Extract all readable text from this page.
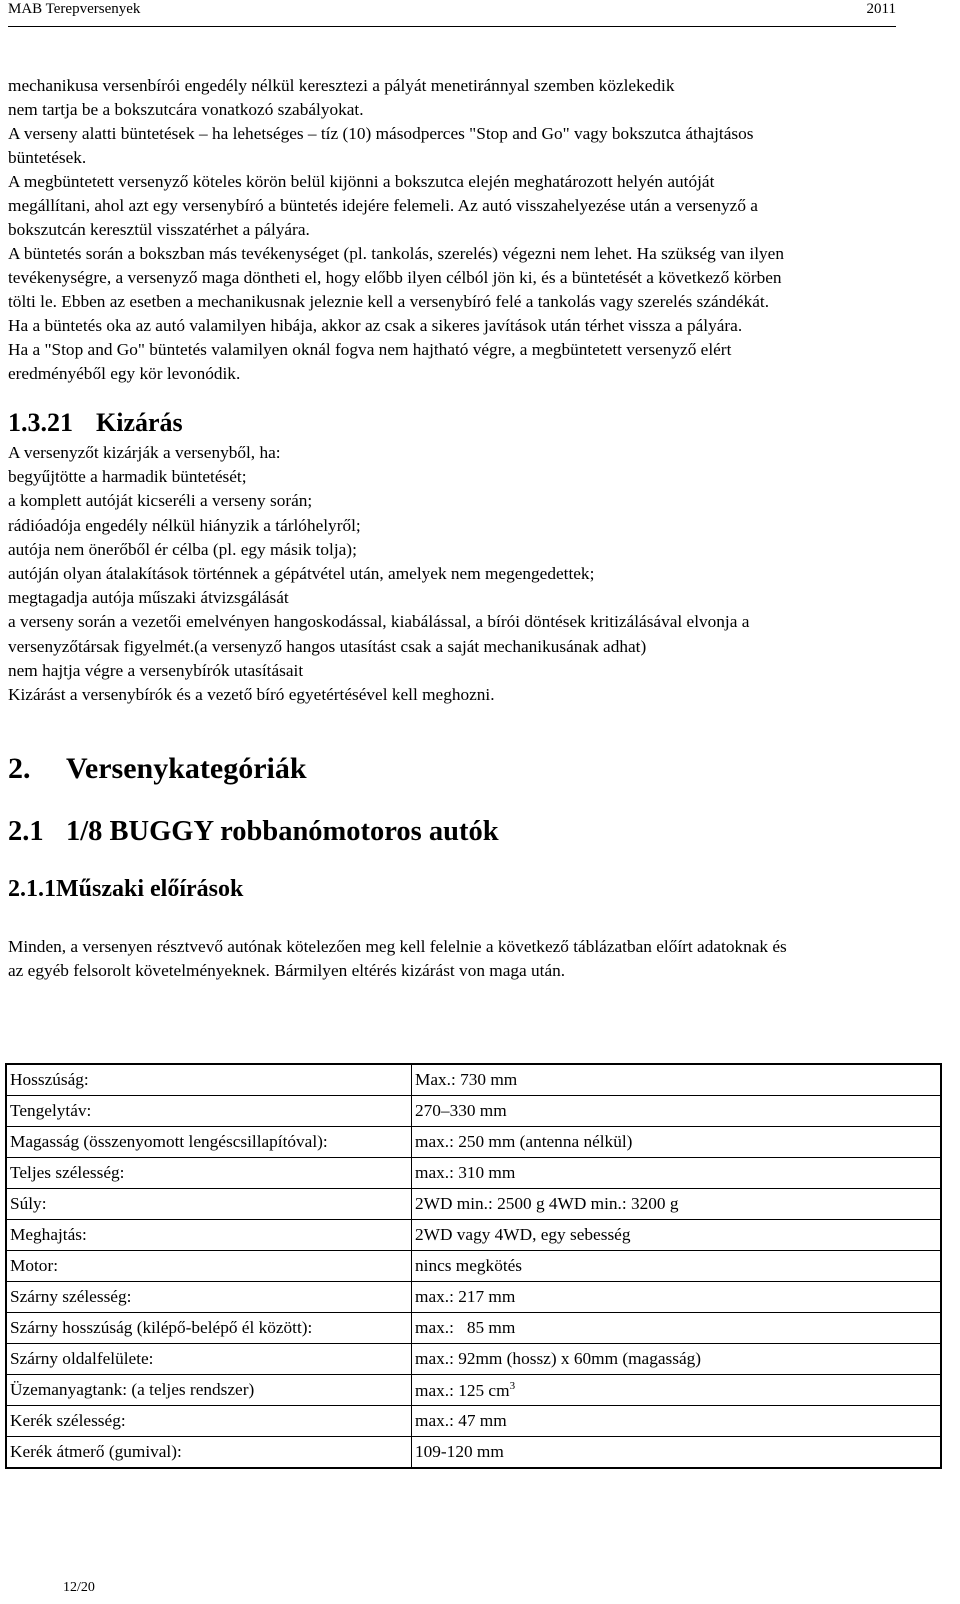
MAB Terepversenyek	2011

mechanikusa versenbírói engedély nélkül keresztezi a pályát menetiránnyal szemben közlekedik

nem tartja be a bokszutcára vonatkozó szabályokat.

A verseny alatti büntetések – ha lehetséges – tíz (10) másodperces "Stop and Go" vagy bokszutca áthajtásos

büntetések.

A megbüntetett versenyző köteles körön belül kijönni a bokszutca elején meghatározott helyén autóját

megállítani, ahol azt egy versenybíró a büntetés idejére felemeli. Az autó visszahelyezése után a versenyző a

bokszutcán keresztül visszatérhet a pályára.

A büntetés során a bokszban más tevékenységet (pl. tankolás, szerelés) végezni nem lehet. Ha szükség van ilyen

tevékenységre, a versenyző maga döntheti el, hogy előbb ilyen célból jön ki, és a büntetését a következő körben

tölti le. Ebben az esetben a mechanikusnak jeleznie kell a versenybíró felé a tankolás vagy szerelés szándékát.

Ha a büntetés oka az autó valamilyen hibája, akkor az csak a sikeres javítások után térhet vissza a pályára.

Ha a "Stop and Go" büntetés valamilyen oknál fogva nem hajtható végre, a megbüntetett versenyző elért

eredményéből egy kör levonódik.

1.3.21 Kizárás

A versenyzőt kizárják a versenyből, ha:

begyűjtötte a harmadik büntetését;

a komplett autóját kicseréli a verseny során;

rádióadója engedély nélkül hiányzik a tárlóhelyről;

autója nem önerőből ér célba (pl. egy másik tolja);

autóján olyan átalakítások történnek a gépátvétel után, amelyek nem megengedettek;

megtagadja autója műszaki átvizsgálását

a verseny során a vezetői emelvényen hangoskodással, kiabálással, a bírói döntések kritizálásával elvonja a

versenyzőtársak figyelmét.(a versenyző hangos utasítást csak a saját mechanikusának adhat)

nem hajtja végre a versenybírók utasításait

Kizárást a versenybírók és a vezető bíró egyetértésével kell meghozni.

2. Versenykategóriák
2.1 1/8 BUGGY robbanómotoros autók
2.1.1Műszaki előírások

Minden, a versenyen résztvevő autónak kötelezően meg kell felelnie a következő táblázatban előírt adatoknak és

az egyéb felsorolt követelményeknek. Bármilyen eltérés kizárást von maga után.

Hosszúság:	Max.: 730 mm
Tengelytáv:	270–330 mm
Magasság (összenyomott lengéscsillapítóval):	max.: 250 mm (antenna nélkül)
Teljes szélesség:	max.: 310 mm
Súly:	2WD min.: 2500 g 4WD min.: 3200 g
Meghajtás:	2WD vagy 4WD, egy sebesség
Motor:	nincs megkötés
Szárny szélesség:	max.: 217 mm
Szárny hosszúság (kilépő-belépő él között):	max.:   85 mm
Szárny oldalfelülete:	max.: 92mm (hossz) x 60mm (magasság)
Üzemanyagtank: (a teljes rendszer)	max.: 125 $cm^3$
Kerék szélesség:	max.: 47 mm
Kerék átmerő (gumival):	109-120 mm
12/20
